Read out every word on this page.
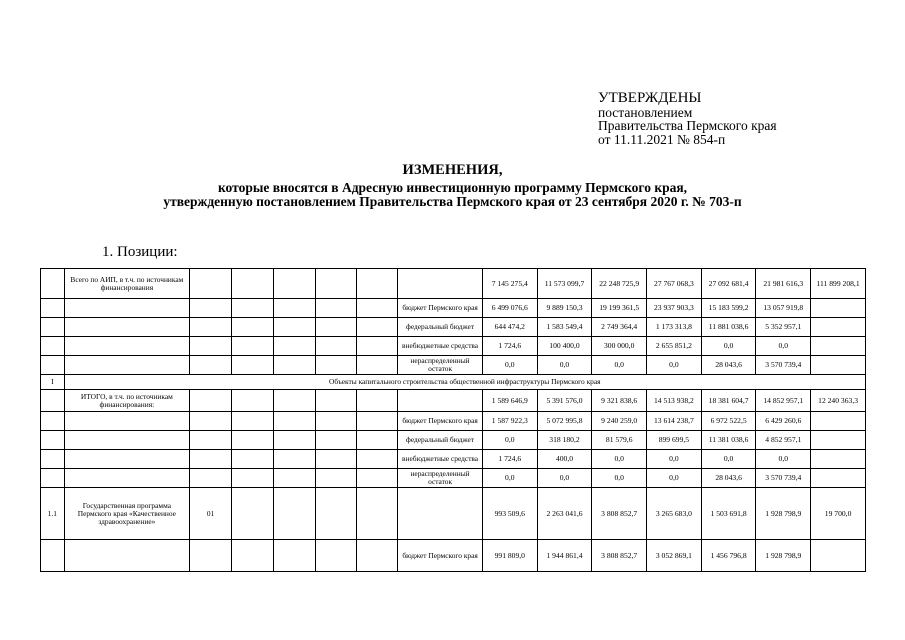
УТВЕРЖДЕНЫ
постановлением
Правительства Пермского края
от 11.11.2021 № 854-п
ИЗМЕНЕНИЯ,
которые вносятся в Адресную инвестиционную программу Пермского края,
утвержденную постановлением Правительства Пермского края от 23 сентября 2020 г. № 703-п
1. Позиции:
	Всего по АИП, в т.ч. по источникам финансирования							7 145 275,4	11 573 099,7	22 248 725,9	27 767 068,3	27 092 681,4	21 981 616,3	111 899 208,1
							бюджет Пермского края	6 499 076,6	9 889 150,3	19 199 361,5	23 937 903,3	15 183 599,2	13 057 919,8	
							федеральный бюджет	644 474,2	1 583 549,4	2 749 364,4	1 173 313,8	11 881 038,6	5 352 957,1	
							внебюджетные средства	1 724,6	100 400,0	300 000,0	2 655 851,2	0,0	0,0	
							нераспределенный остаток	0,0	0,0	0,0	0,0	28 043,6	3 570 739,4	
I	Объекты капитального строительства общественной инфраструктуры Пермского края													
	ИТОГО, в т.ч. по источникам финансирования:							1 589 646,9	5 391 576,0	9 321 838,6	14 513 938,2	18 381 604,7	14 852 957,1	12 240 363,3
							бюджет Пермского края	1 587 922,3	5 072 995,8	9 240 259,0	13 614 238,7	6 972 522,5	6 429 260,6	
							федеральный бюджет	0,0	318 180,2	81 579,6	899 699,5	11 381 038,6	4 852 957,1	
							внебюджетные средства	1 724,6	400,0	0,0	0,0	0,0	0,0	
							нераспределенный остаток	0,0	0,0	0,0	0,0	28 043,6	3 570 739,4	
1.1	Государственная программа Пермского края «Качественное здравоохранение»	01						993 509,6	2 263 041,6	3 808 852,7	3 265 683,0	1 503 691,8	1 928 798,9	19 700,0
							бюджет Пермского края	991 809,0	1 944 861,4	3 808 852,7	3 052 869,1	1 456 796,8	1 928 798,9	
